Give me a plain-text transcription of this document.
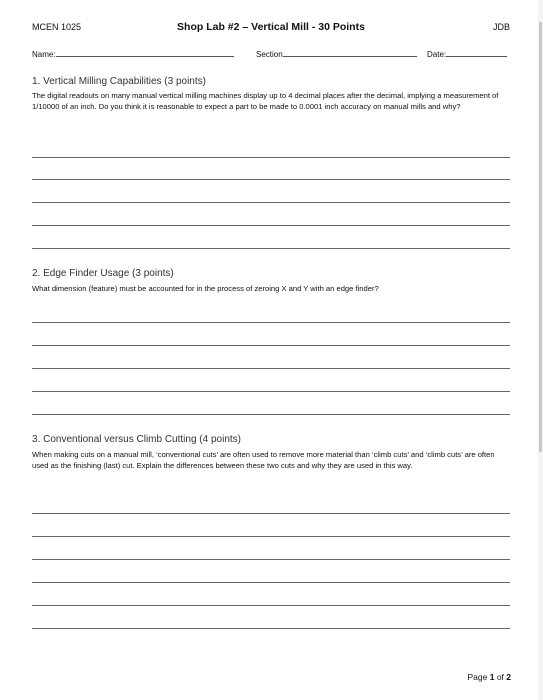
MCEN 1025	Shop Lab #2 – Vertical Mill - 30 Points	JDB
Name:	Section	Date:
1. Vertical Milling Capabilities (3 points)
The digital readouts on many manual vertical milling machines display up to 4 decimal places after the decimal, implying a measurement of 1/10000 of an inch. Do you think it is reasonable to expect a part to be made to 0.0001 inch accuracy on manual mills and why?
2. Edge Finder Usage (3 points)
What dimension (feature) must be accounted for in the process of zeroing X and Y with an edge finder?
3. Conventional versus Climb Cutting (4 points)
When making cuts on a manual mill, ‘conventional cuts’ are often used to remove more material than ‘climb cuts’ and ‘climb cuts’ are often used as the finishing (last) cut. Explain the differences between these two cuts and why they are used in this way.
Page 1 of 2
